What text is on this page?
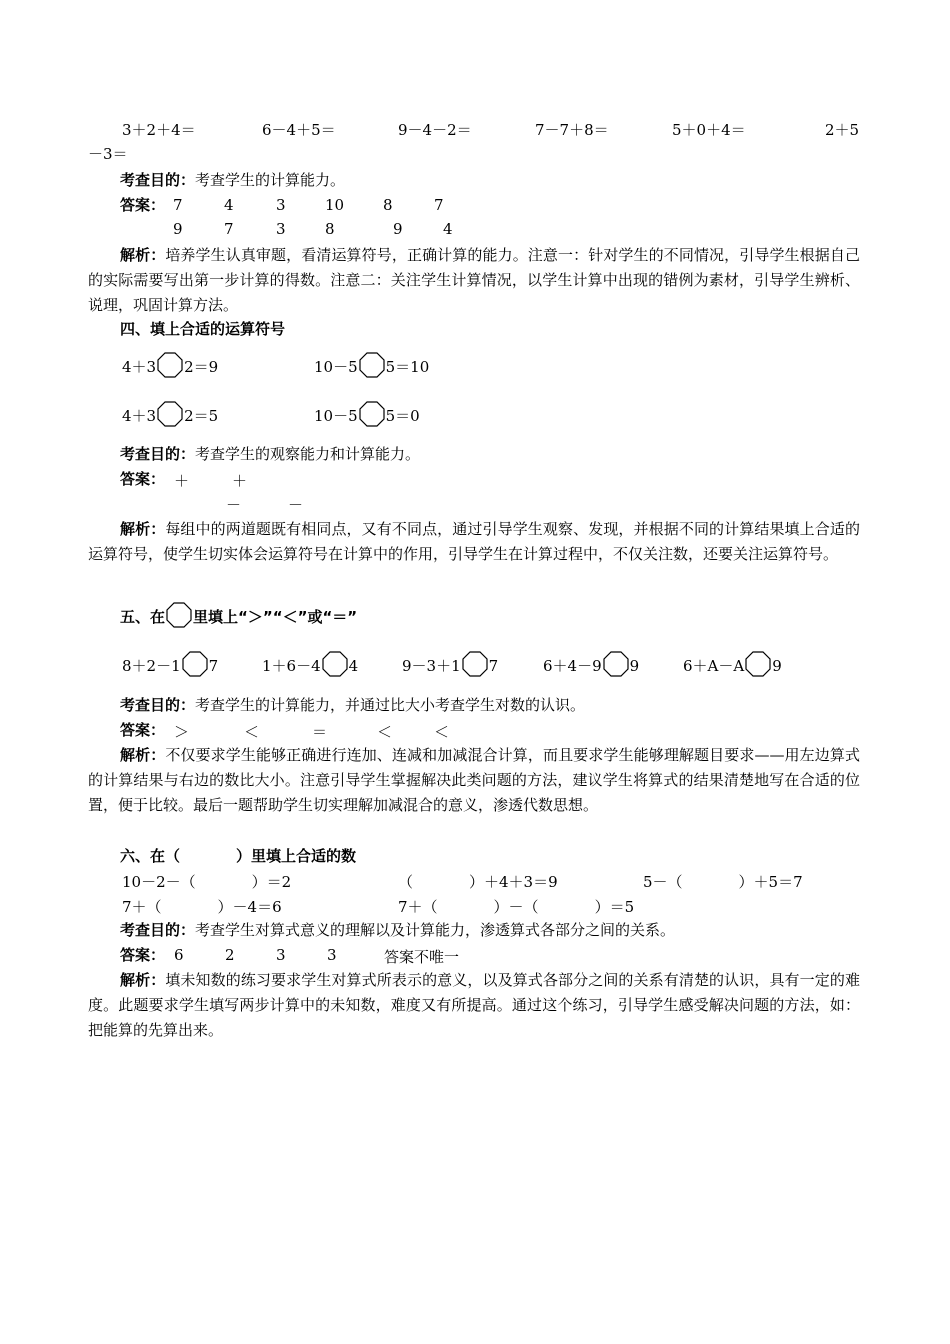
3＋2＋4＝	6－4＋5＝	9－4－2＝	7－7＋8＝	5＋0＋4＝	2＋5
－3＝
考查目的：考查学生的计算能力。
答案： 7	4	3	10	8	7
9	7	3	8	9	4
解析：培养学生认真审题，看清运算符号，正确计算的能力。注意一：针对学生的不同情况，引导学生根据自己的实际需要写出第一步计算的得数。注意二：关注学生计算情况，以学生计算中出现的错例为素材，引导学生辨析、说理，巩固计算方法。
四、填上合适的运算符号
4＋3 2＝9	10－5 5＝10
4＋3 2＝5	10－5 5＝0
考查目的：考查学生的观察能力和计算能力。
答案： ＋	＋
－	－
解析：每组中的两道题既有相同点，又有不同点，通过引导学生观察、发现，并根据不同的计算结果填上合适的运算符号，使学生切实体会运算符号在计算中的作用，引导学生在计算过程中，不仅关注数，还要关注运算符号。
五、在 里填上“＞”“＜”或“＝”
8＋2－1 7	1＋6－4 4	9－3＋1 7	6＋4－9 9	6＋A－A 9
考查目的：考查学生的计算能力，并通过比大小考查学生对数的认识。
答案： ＞	＜	＝	＜	＜
解析：不仅要求学生能够正确进行连加、连减和加减混合计算，而且要求学生能够理解题目要求——用左边算式的计算结果与右边的数比大小。注意引导学生掌握解决此类问题的方法，建议学生将算式的结果清楚地写在合适的位置，便于比较。最后一题帮助学生切实理解加减混合的意义，渗透代数思想。
六、在（	）里填上合适的数
10－2－（	）＝2	（	）＋4＋3＝9	5－（	）＋5＝7
7＋（	）－4＝6	7＋（	）－（	）＝5
考查目的：考查学生对算式意义的理解以及计算能力，渗透算式各部分之间的关系。
答案： 6	2	3	3	答案不唯一
解析：填未知数的练习要求学生对算式所表示的意义，以及算式各部分之间的关系有清楚的认识，具有一定的难度。此题要求学生填写两步计算中的未知数，难度又有所提高。通过这个练习，引导学生感受解决问题的方法，如：把能算的先算出来。
